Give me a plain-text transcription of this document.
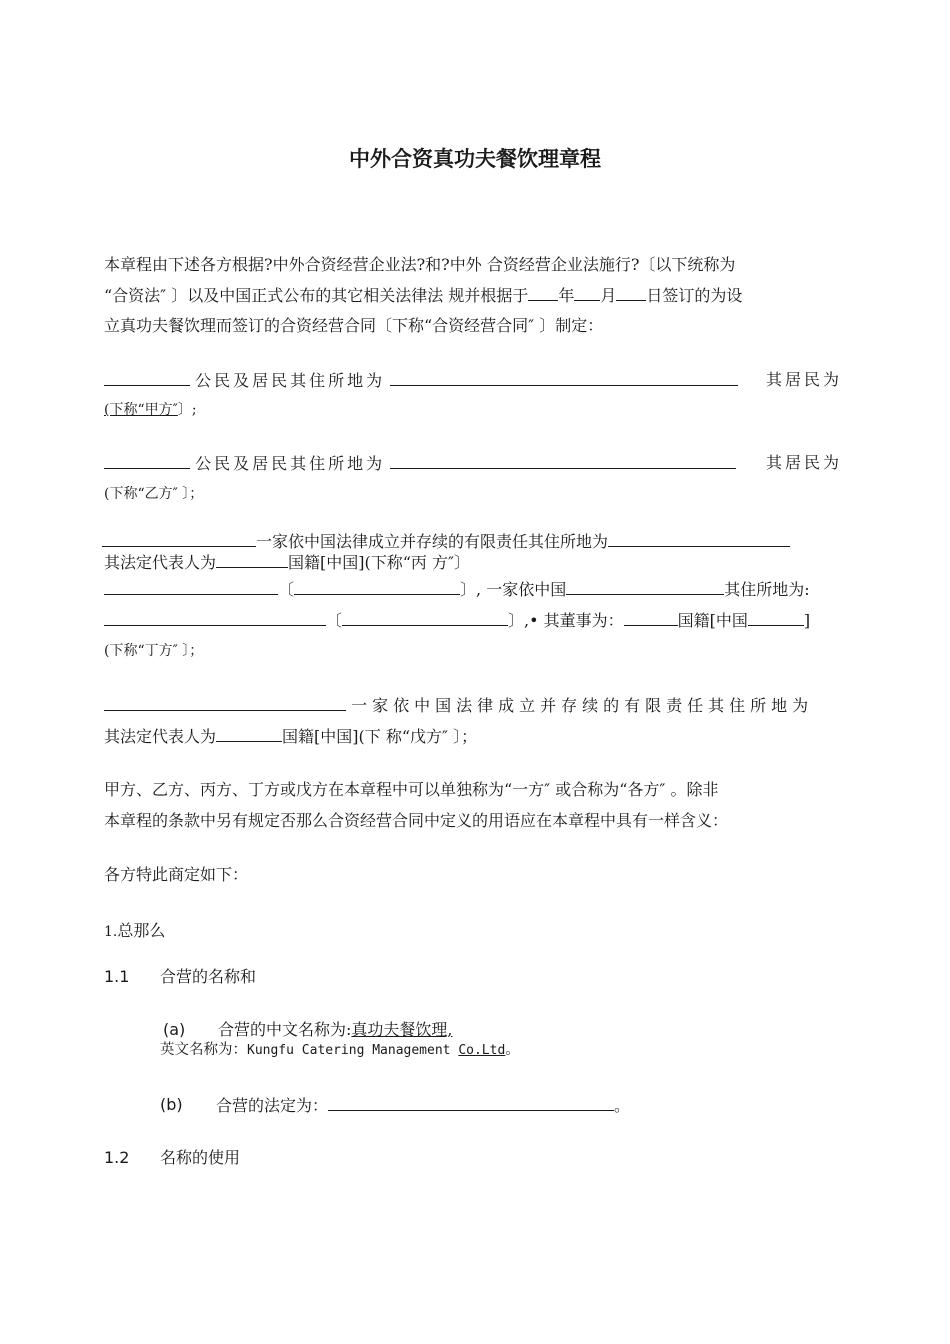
中外合资真功夫餐饮理章程
本章程由下述各方根据?中外合资经营企业法?和?中外 合资经营企业法施行?〔以下统称为
“合资法″ 〕以及中国正式公布的其它相关法律法 规并根据于 年 月 日签订的为设
立真功夫餐饮理而签订的合资经营合同〔下称“合资经营合同″ 〕制定：
公民及居民其住所地为	其居民为
(下称“甲方″〕;
公民及居民其住所地为	其居民为
(下称“乙方″ 〕；
一家依中国法律成立并存续的有限责任其住所地为
其法定代表人为	国籍[中国](下称“丙 方″〕
〔	〕, 一家依中国	其住所地为:
〔	〕,• 其董事为：	国籍[中国	]
(下称“丁方″ 〕；
一家依中国法律成立并存续的有限责任其住所地为
其法定代表人为	国籍[中国](下 称“戊方″ 〕；
甲方、乙方、丙方、丁方或戊方在本章程中可以单独称为“一方″ 或合称为“各方″ 。除非
本章程的条款中另有规定否那么合资经营合同中定义的用语应在本章程中具有一样含义：
各方特此商定如下：
1.总那么
1.1 合营的名称和
(a) 合营的中文名称为:真功夫餐饮理,
英文名称为：Kungfu Catering Management Co.Ltd。
(b) 合营的法定为：	。
1.2 名称的使用
